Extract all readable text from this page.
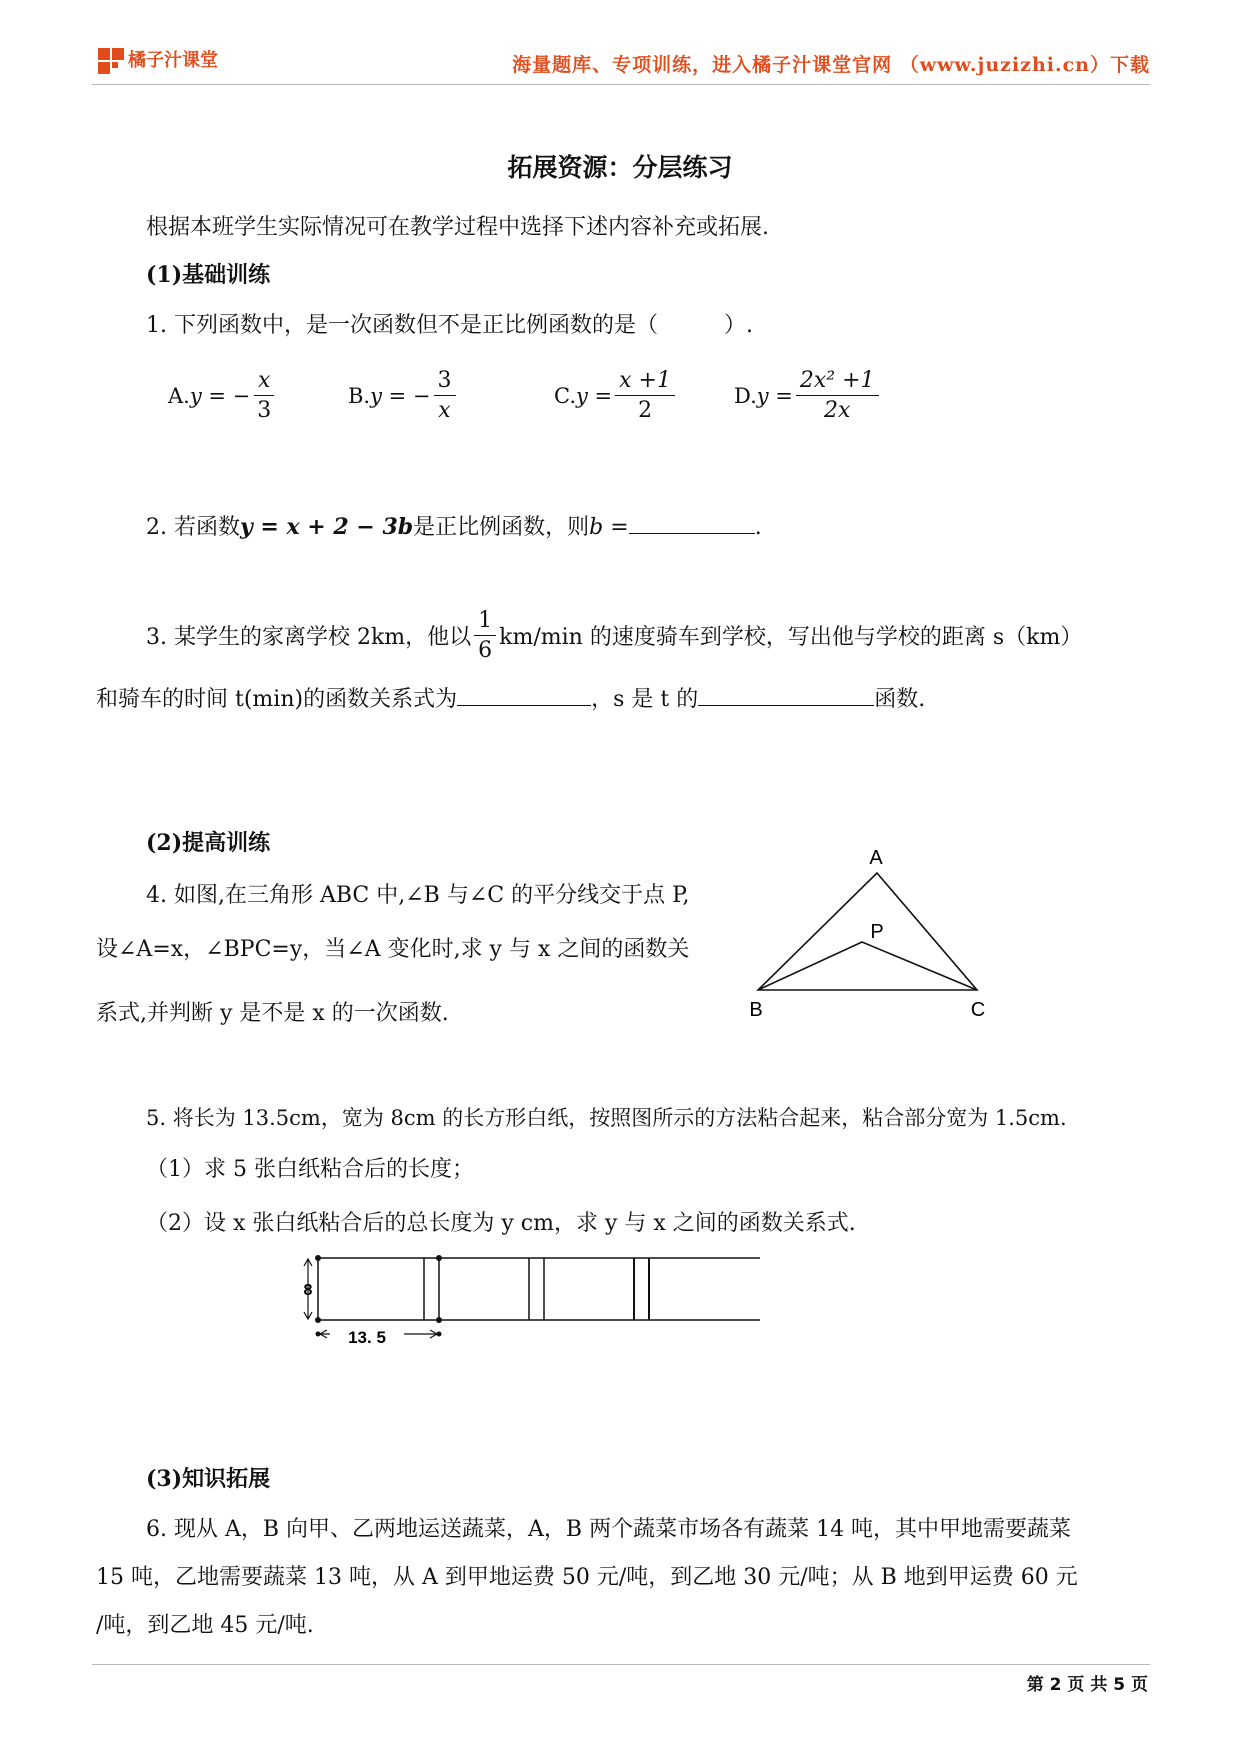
橘子汁课堂	海量题库、专项训练，进入橘子汁课堂官网 （www.juzizhi.cn）下载
拓展资源：分层练习
根据本班学生实际情况可在教学过程中选择下述内容补充或拓展.
(1)基础训练
1. 下列函数中，是一次函数但不是正比例函数的是（　　　）.
A. y = − $\frac{x}{3}$	B. y = − $\frac{3}{x}$	C. $y = \frac{x +1}{2}$	D. $y = \frac{\text{2x² +1}}{2x}$
2. 若函数y = x + 2 − 3b是正比例函数，则b =	.
3. 某学生的家离学校 2km，他以 $\frac{1}{6} km/\min$ 的速度骑车到学校，写出他与学校的距离 s（km）
和骑车的时间 t(min)的函数关系式为	，s 是 t 的	函数.
(2)提高训练
4. 如图,在三角形 ABC 中,∠B 与∠C 的平分线交于点 P,
设∠A=x，∠BPC=y，当∠A 变化时,求 y 与 x 之间的函数关
系式,并判断 y 是不是 x 的一次函数.
A
P
B	C
5. 将长为 13.5cm，宽为 8cm 的长方形白纸，按照图所示的方法粘合起来，粘合部分宽为 1.5cm.
（1）求 5 张白纸粘合后的长度；
（2）设 x 张白纸粘合后的总长度为 y cm，求 y 与 x 之间的函数关系式.
8
13. 5
(3)知识拓展
6. 现从 A，B 向甲、乙两地运送蔬菜，A，B 两个蔬菜市场各有蔬菜 14 吨，其中甲地需要蔬菜
15 吨，乙地需要蔬菜 13 吨，从 A 到甲地运费 50 元/吨，到乙地 30 元/吨；从 B 地到甲运费 60 元
/吨，到乙地 45 元/吨.
第 2 页 共 5 页
